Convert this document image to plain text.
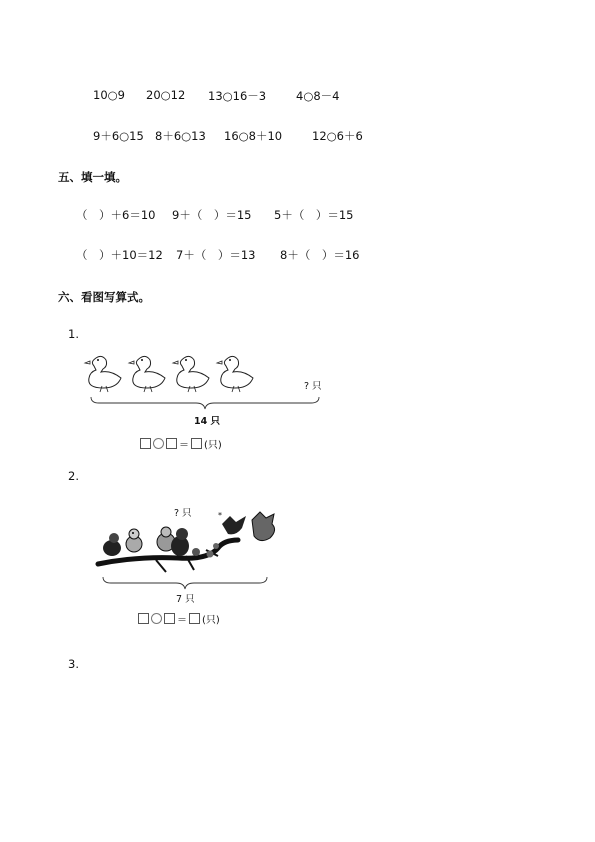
10○9 20○12 13○16－3	4○8－4
9＋6○15 8＋6○13 16○8＋10	12○6＋6
五、填一填。
（　）＋6＝10 9＋（　）＝15 5＋（　）＝15
（　）＋10＝12 7＋（　）＝13 8＋（　）＝16
六、看图写算式。
1.
? 只
14 只
＝ (只)
2.
? 只	*
7 只
＝ (只)
3.
